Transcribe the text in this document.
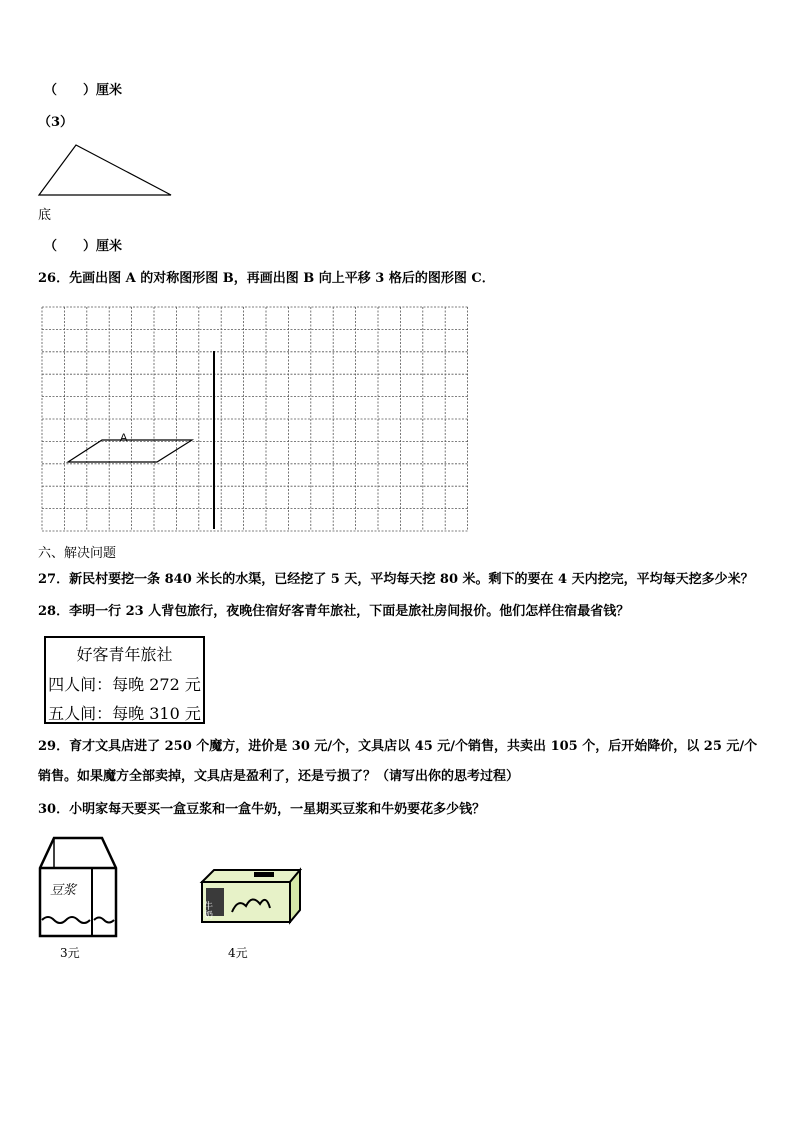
（　　）厘米
（3）
底
（　　）厘米
26．先画出图 A 的对称图形图 B，再画出图 B 向上平移 3 格后的图形图 C．
A
六、解决问题
27．新民村要挖一条 840 米长的水渠，已经挖了 5 天，平均每天挖 80 米。剩下的要在 4 天内挖完，平均每天挖多少米？
28．李明一行 23 人背包旅行，夜晚住宿好客青年旅社，下面是旅社房间报价。他们怎样住宿最省钱？
好客青年旅社
四人间：每晚 272 元
五人间：每晚 310 元
29．育才文具店进了 250 个魔方，进价是 30 元/个，文具店以 45 元/个销售，共卖出 105 个，后开始降价，以 25 元/个
销售。如果魔方全部卖掉，文具店是盈利了，还是亏损了？（请写出你的思考过程）
30．小明家每天要买一盒豆浆和一盒牛奶，一星期买豆浆和牛奶要花多少钱？
豆浆
3元
牛奶
4元
